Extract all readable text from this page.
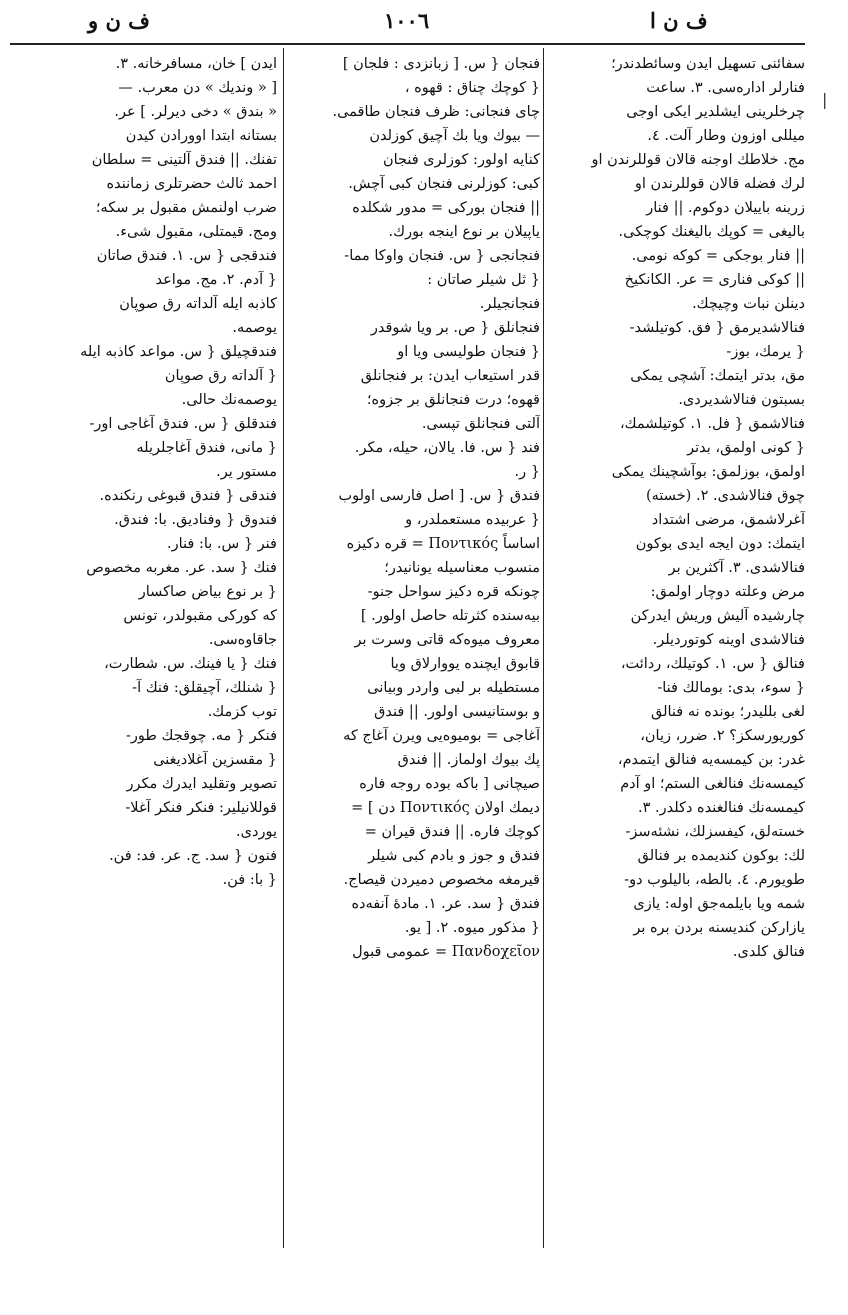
ف ن ا
١٠٠٦
ف ن و
|
سفائنی تسهیل ایدن وسائطدندر؛
فنارلر اداره‌سی. ٣. ساعت
چرخلرینی ایشلدیر ایکی اوجی
میللی اوزون وطار آلت. ٤.
مج. خلاطك اوجنه قالان قوللرندن او
لرك فضله قالان قوللرندن او
زرینه باییلان دوکوم. || فنار
بالیغی = کوپك بالیغنك کوچکی.
|| فنار بوجکی = کوکه نومی.
|| کوکی فناری = عر. الکانکیخ
دینلن نبات وچیچك.
فنالاشدیرمق { فق. کوتیلشد-
{ یرمك، بوز-
مق، بدتر ایتمك: آشچی یمکی
بسبتون فنالاشدیردی.
فنالاشمق { فل. ١. کوتیلشمك،
{ کونی اولمق، بدتر
اولمق، بوزلمق: بوآشچینك یمکی
چوق فنالاشدی. ٢. (خسته)
آغرلاشمق، مرضی اشتداد
ایتمك: دون ایجه ایدی بوکون
فنالاشدی. ٣. آکثرین بر
مرض وعلته دوچار اولمق:
چارشیده آلیش وریش ایدرکن
فنالاشدی اوینه کوتوردیلر.
فنالق { س. ١. کوتیلك، ردائت،
{ سوء، بدی: بومالك فنا-
لغی بللیدر؛ بونده نه فنالق
کوریورسکز؟ ٢. ضرر، زیان،
غدر: بن کیمسه‌یه فنالق ایتمدم،
کیمسه‌نك فنالغی الستم؛ او آدم
کیمسه‌نك فنالغنده دکلدر. ٣.
خسته‌لق، کیفسزلك، نشئه‌سز-
لك: بوکون کندیمده بر فنالق
طویورم. ٤. بالطه، بالیلوب دو-
شمه ویا بایلمه‌جق اوله: یازی
یازارکن کندیسنه بردن بره بر
فنالق کلدی.
فنجان { س. [ زبانزدی : فلجان ]
{ کوچك چناق : قهوه ،
چای فنجانی: ظرف فنجان طاقمی.
— بیوك ویا بك آچیق کوزلدن
کنایه اولور: کوزلری فنجان
کبی: کوزلرنی فنجان کبی آچش.
|| فنجان بورکی = مدور شکلده
یاپیلان بر نوع اینجه بورك.
فنجانجی { س. فنجان واوکا مما-
{ ثل شیلر صاتان :
فنجانجیلر.
فنجانلق { ص. بر ویا شوقدر
{ فنجان طولیسی ویا او
قدر استیعاب ایدن: بر فنجانلق
قهوه؛ درت فنجانلق بر جزوه؛
آلتی فنجانلق تپسی.
فند { س. فا. یالان، حیله، مکر.
{ ر.
فندق { س. [ اصل فارسی اولوب
{ عربیده مستعملدر، و
اساساً Ποντικός = قره دکیزه
منسوب معناسیله یونانیدر؛
چونکه قره دکیز سواحل جنو-
بیه‌سنده کثرتله حاصل اولور. ]
معروف میوه‌که قاتی وسرت بر
قابوق ایچنده یووارلاق ویا
مستطیله بر لبی واردر وبیانی
و بوستانیسی اولور. || فندق
آغاجی = بومیوه‌یی ویرن آغاج که
پك بیوك اولماز. || فندق
صیچانی [ باکه بوده روجه فاره
دیمك اولان Ποντικός دن ] =
کوچك فاره. || فندق قیران =
فندق و جوز و بادم کبی شیلر
قیرمغه مخصوص دمیردن قیصاج.
فندق { سد. عر. ١. مادهٔ آنفه‌ده
{ مذکور میوه. ٢. [ یو.
Πανδοχεῖον = عمومی قبول
ایدن ] خان، مسافرخانه. ٣.
[ « وندیك » دن معرب. —
« بندق » دخی دیرلر. ] عر.
بستانه ابتدا اوورادن کیدن
تفنك. || فندق آلتینی = سلطان
احمد ثالث حضرتلری زماننده
ضرب اولنمش مقبول بر سکه؛
ومج. قیمتلی، مقبول شیء.
فندقجی { س. ١. فندق صاتان
{ آدم. ٢. مج. مواعد
کاذبه ایله آلداته رق صوپان
یوصمه.
فندقچیلق { س. مواعد کاذبه ایله
{ آلداته رق صوپان
یوصمه‌نك حالی.
فندقلق { س. فندق آغاجی اور-
{ مانی، فندق آغاجلریله
مستور یر.
فندقی { فندق قبوغی رنکنده.
فندوق { وفنادیق. با: فندق.
فنر { س. با: فنار.
فنك { سد. عر. مغربه مخصوص
{ بر نوع بیاض صاکسار
که کورکی مقبولدر، تونس
جاقاوه‌سی.
فنك { یا فینك. س. شطارت،
{ شنلك، آچیقلق: فنك آ-
توب کزمك.
فنکر { مه. چوقجك طور-
{ مقسزین آغلادیغنی
تصویر وتقلید ایدرك مکرر
قوللانیلیر: فنکر فنکر آغلا-
یوردی.
فنون { سد. ج. عر. فد: فن.
{ با: فن.
